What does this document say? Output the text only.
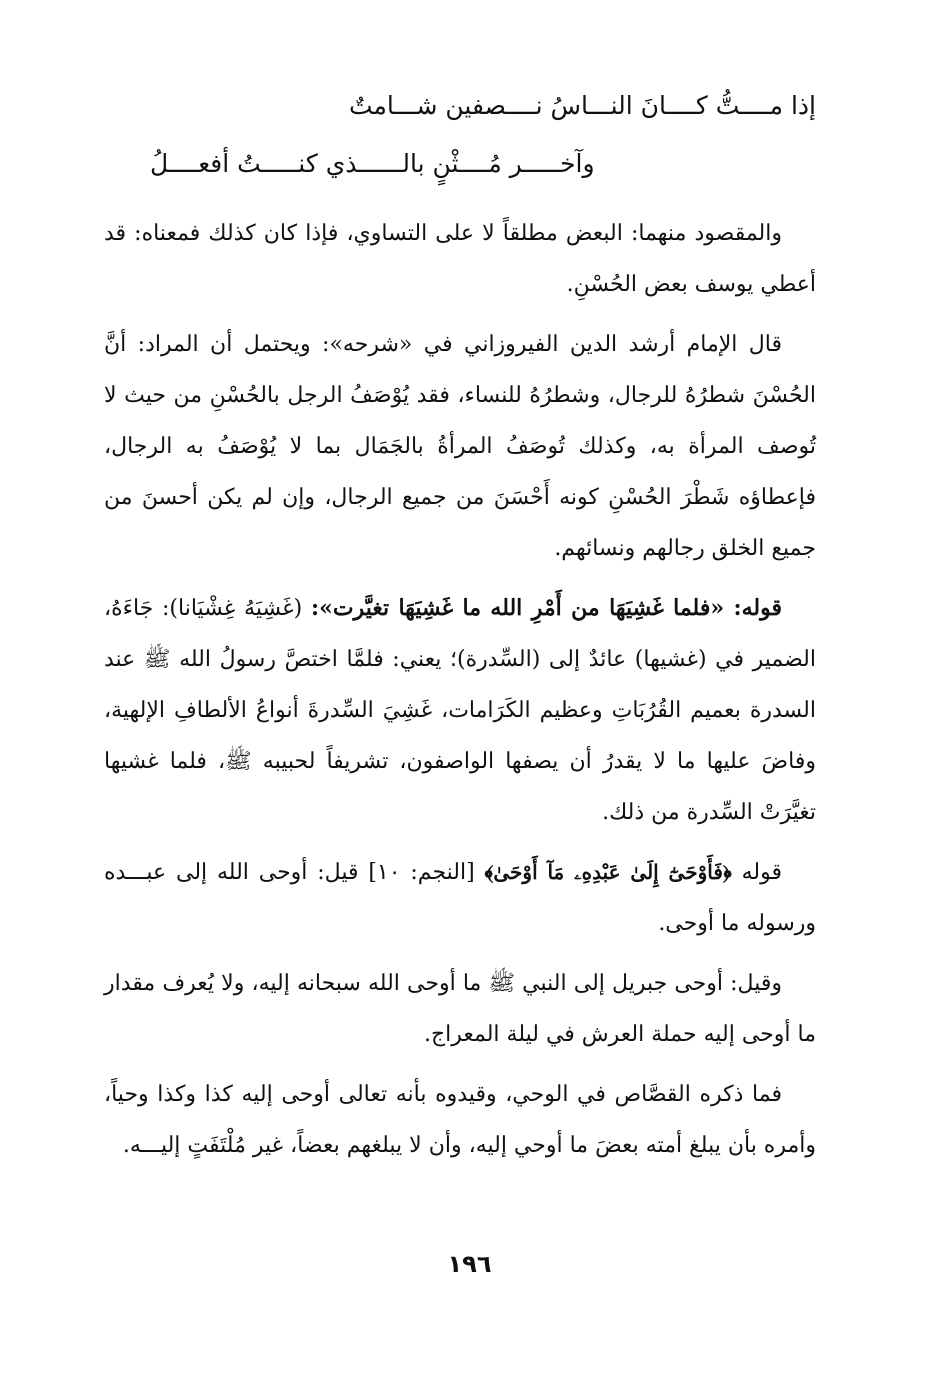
إذا مــــتُّ كــــانَ النـــاسُ نــــصفين شـــامتٌ
وآخـــــر مُــــثْنٍ بالــــــذي كنـــــتُ أفعــــلُ

والمقصود منهما: البعض مطلقاً لا على التساوي، فإذا كان كذلك فمعناه: قد أعطي يوسف بعض الحُسْنِ.

قال الإمام أرشد الدين الفيروزاني في «شرحه»: ويحتمل أن المراد: أنَّ الحُسْنَ شطرُهُ للرجال، وشطرُهُ للنساء، فقد يُوْصَفُ الرجل بالحُسْنِ من حيث لا تُوصف المرأة به، وكذلك تُوصَفُ المرأةُ بالجَمَال بما لا يُوْصَفُ به الرجال، فإعطاؤه شَطْرَ الحُسْنِ كونه أَحْسَنَ من جميع الرجال، وإن لم يكن أحسنَ من جميع الخلق رجالهم ونسائهم.

قوله: «فلما غَشِيَهَا من أَمْرِ الله ما غَشِيَهَا تغيَّرت»: (غَشِيَهُ غِشْيَانا): جَاءَهُ، الضمير في (غشيها) عائدٌ إلى (السِّدرة)؛ يعني: فلمَّا اختصَّ رسولُ الله ﷺ عند السدرة بعميم القُرُبَاتِ وعظيم الكَرَامات، غَشِيَ السِّدرةَ أنواعُ الألطافِ الإلهية، وفاضَ عليها ما لا يقدرُ أن يصفها الواصفون، تشريفاً لحبيبه ﷺ، فلما غشيها تغيَّرَتْ السِّدرة من ذلك.

قوله ﴿فَأَوْحَىٰٓ إِلَىٰ عَبْدِهِۦ مَآ أَوْحَىٰ﴾ [النجم: ١٠] قيل: أوحى الله إلى عبـــده ورسوله ما أوحى.

وقيل: أوحى جبريل إلى النبي ﷺ ما أوحى الله سبحانه إليه، ولا يُعرف مقدار ما أوحى إليه حملة العرش في ليلة المعراج.

فما ذكره القصَّاص في الوحي، وقيدوه بأنه تعالى أوحى إليه كذا وكذا وحياً، وأمره بأن يبلغ أمته بعضَ ما أوحي إليه، وأن لا يبلغهم بعضاً، غير مُلْتَفَتٍ إليـــه.

١٩٦
